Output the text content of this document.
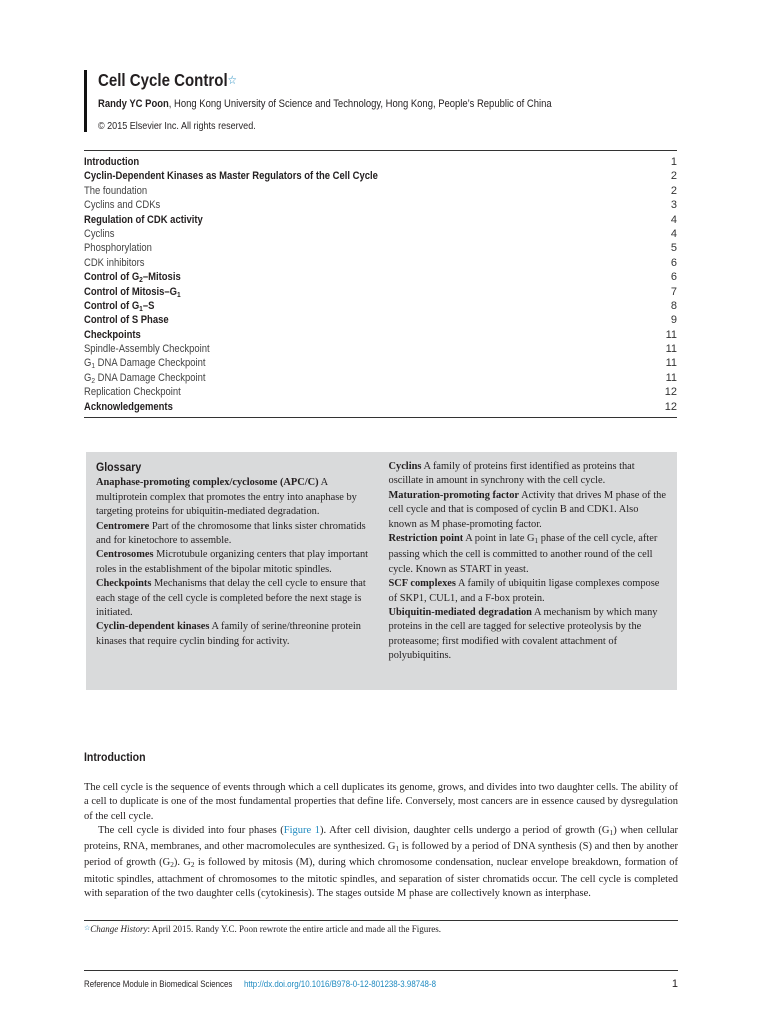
Cell Cycle Control☆
Randy YC Poon, Hong Kong University of Science and Technology, Hong Kong, People’s Republic of China
© 2015 Elsevier Inc. All rights reserved.
Introduction	1
Cyclin-Dependent Kinases as Master Regulators of the Cell Cycle	2
The foundation	2
Cyclins and CDKs	3
Regulation of CDK activity	4
Cyclins	4
Phosphorylation	5
CDK inhibitors	6
Control of $G_2$–Mitosis	6
Control of Mitosis–$G_1$	7
Control of $G_1-S$	8
Control of S Phase	9
Checkpoints	11
Spindle-Assembly Checkpoint	11
$G_1$ DNA Damage Checkpoint	11
$G_2$ DNA Damage Checkpoint	11
Replication Checkpoint	12
Acknowledgements	12
Glossary

Anaphase-promoting complex/cyclosome (APC/C) A multiprotein complex that promotes the entry into anaphase by targeting proteins for ubiquitin-mediated degradation.

Centromere Part of the chromosome that links sister chromatids and for kinetochore to assemble.

Centrosomes Microtubule organizing centers that play important roles in the establishment of the bipolar mitotic spindles.

Checkpoints Mechanisms that delay the cell cycle to ensure that each stage of the cell cycle is completed before the next stage is initiated.

Cyclin-dependent kinases A family of serine/threonine protein kinases that require cyclin binding for activity.

Cyclins A family of proteins first identified as proteins that oscillate in amount in synchrony with the cell cycle.

Maturation-promoting factor Activity that drives M phase of the cell cycle and that is composed of cyclin B and CDK1. Also known as M phase-promoting factor.

Restriction point A point in late $G_1$ phase of the cell cycle, after passing which the cell is committed to another round of the cell cycle. Known as START in yeast.

SCF complexes A family of ubiquitin ligase complexes compose of SKP1, CUL1, and a F-box protein.

Ubiquitin-mediated degradation A mechanism by which many proteins in the cell are tagged for selective proteolysis by the proteasome; first modified with covalent attachment of polyubiquitins.

Introduction

The cell cycle is the sequence of events through which a cell duplicates its genome, grows, and divides into two daughter cells. The ability of a cell to duplicate is one of the most fundamental properties that define life. Conversely, most cancers are in essence caused by dysregulation of the cell cycle.

The cell cycle is divided into four phases (Figure 1). After cell division, daughter cells undergo a period of growth $(G_1)$ when cellular proteins, RNA, membranes, and other macromolecules are synthesized. $G_1$ is followed by a period of DNA synthesis (S) and then by another period of growth $(G_2)$. $G_2$ is followed by mitosis (M), during which chromosome condensation, nuclear envelope breakdown, formation of mitotic spindles, attachment of chromosomes to the mitotic spindles, and separation of sister chromatids occur. The cell cycle is completed with separation of the two daughter cells (cytokinesis). The stages outside M phase are collectively known as interphase.

☆Change History: April 2015. Randy Y.C. Poon rewrote the entire article and made all the Figures.
Reference Module in Biomedical Sciences http://dx.doi.org/10.1016/B978-0-12-801238-3.98748-8	1
